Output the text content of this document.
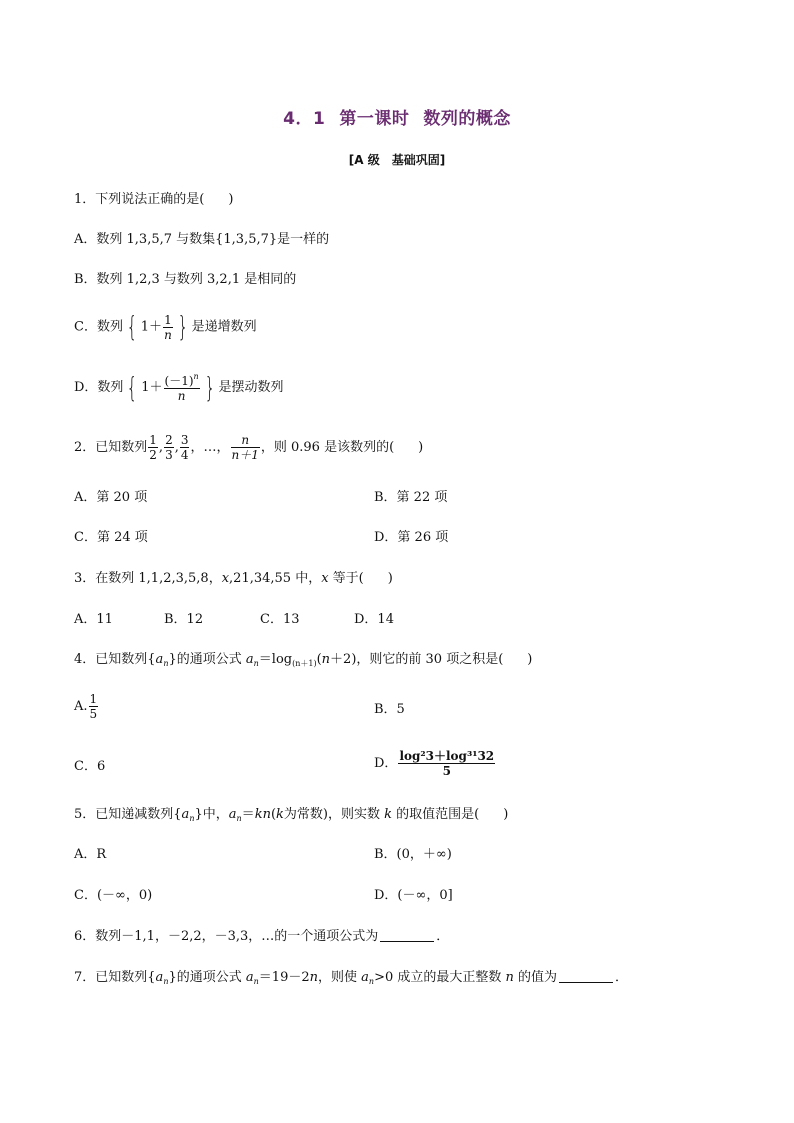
4．1 第一课时 数列的概念
[A 级　基础巩固]
1．下列说法正确的是( )
A．数列 1,3,5,7 与数集{1,3,5,7}是一样的
B．数列 1,2,3 与数列 3,2,1 是相同的
C．数列 { $1+ \frac{1}{n}$ } 是递增数列
D．数列 { $1+ \frac{(-1)^n}{n}$ } 是摆动数列
2．已知数列 $\frac{1}{2}$ , $\frac{2}{3}$ , $\frac{3}{4}$ ，…， $\frac{n}{n+1}$ ，则 0.96 是该数列的( )
A．第 20 项	B．第 22 项
C．第 24 项	D．第 26 项
3．在数列 1,1,2,3,5,8，x,21,34,55 中，x 等于( )
A．11	B．12	C．13	D．14
4．已知数列$\{a_n\}$的通项公式 $a_n=\log_{(n+1)}(n+2)$，则它的前 30 项之积是( )
A. $\frac{1}{5}$	B．5
C．6	D． $\frac{\text{log²3＋log³¹32}}{5}$
5．已知递减数列$\{a_n\}$中，$a_n=kn(k$为常数)，则实数 k 的取值范围是( )
A．R	B．(0，＋∞)
C．(－∞，0)	D．(－∞，0]
6．数列－1,1，－2,2，－3,3，…的一个通项公式为	．
7．已知数列$\{a_n\}$的通项公式 $a_n=19-2n$，则使 $a_n>0$ 成立的最大正整数 n 的值为	．
